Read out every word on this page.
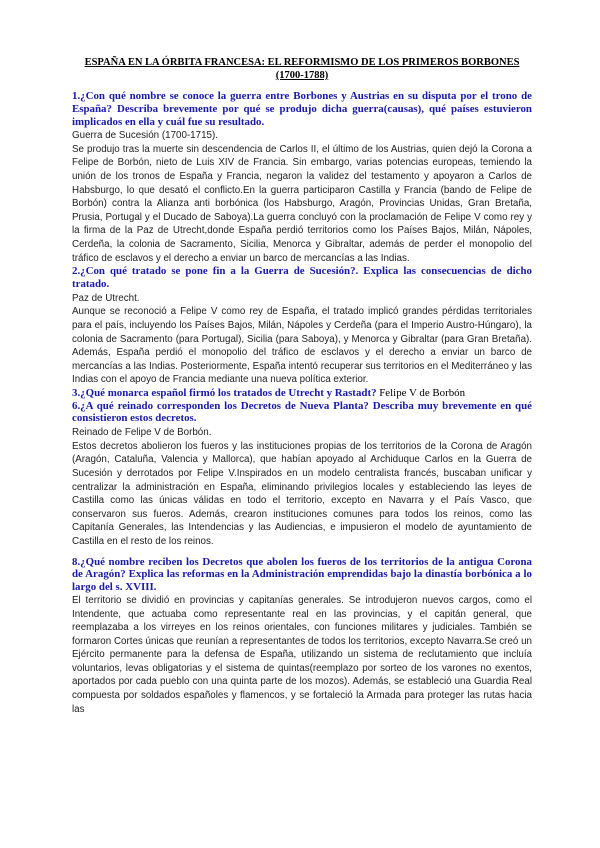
ESPAÑA EN LA ÓRBITA FRANCESA: EL REFORMISMO DE LOS PRIMEROS BORBONES (1700-1788)

1.¿Con qué nombre se conoce la guerra entre Borbones y Austrias en su disputa por el trono de España? Describa brevemente por qué se produjo dicha guerra(causas), qué países estuvieron implicados en ella y cuál fue su resultado.

Guerra de Sucesión (1700-1715).

Se produjo tras la muerte sin descendencia de Carlos II, el último de los Austrias, quien dejó la Corona a Felipe de Borbón, nieto de Luis XIV de Francia. Sin embargo, varias potencias europeas, temiendo la unión de los tronos de España y Francia, negaron la validez del testamento y apoyaron a Carlos de Habsburgo, lo que desató el conflicto.En la guerra participaron Castilla y Francia (bando de Felipe de Borbón) contra la Alianza anti borbónica (los Habsburgo, Aragón, Provincias Unidas, Gran Bretaña, Prusia, Portugal y el Ducado de Saboya).La guerra concluyó con la proclamación de Felipe V como rey y la firma de la Paz de Utrecht,donde España perdió territorios como los Países Bajos, Milán, Nápoles, Cerdeña, la colonia de Sacramento, Sicilia, Menorca y Gibraltar, además de perder el monopolio del tráfico de esclavos y el derecho a enviar un barco de mercancías a las Indias.

2.¿Con qué tratado se pone fin a la Guerra de Sucesión?. Explica las consecuencias de dicho tratado.

Paz de Utrecht.

Aunque se reconoció a Felipe V como rey de España, el tratado implicó grandes pérdidas territoriales para el país, incluyendo los Países Bajos, Milán, Nápoles y Cerdeña (para el Imperio Austro-Húngaro), la colonia de Sacramento (para Portugal), Sicilia (para Saboya), y Menorca y Gibraltar (para Gran Bretaña). Además, España perdió el monopolio del tráfico de esclavos y el derecho a enviar un barco de mercancías a las Indias. Posteriormente, España intentó recuperar sus territorios en el Mediterráneo y las Indias con el apoyo de Francia mediante una nueva política exterior.

3.¿Qué monarca español firmó los tratados de Utrecht y Rastadt? Felipe V de Borbón

6.¿A qué reinado corresponden los Decretos de Nueva Planta? Describa muy brevemente en qué consistieron estos decretos.

Reinado de Felipe V de Borbón.

Estos decretos abolieron los fueros y las instituciones propias de los territorios de la Corona de Aragón (Aragón, Cataluña, Valencia y Mallorca), que habían apoyado al Archiduque Carlos en la Guerra de Sucesión y derrotados por Felipe V.Inspirados en un modelo centralista francés, buscaban unificar y centralizar la administración en España, eliminando privilegios locales y estableciendo las leyes de Castilla como las únicas válidas en todo el territorio, excepto en Navarra y el País Vasco, que conservaron sus fueros. Además, crearon instituciones comunes para todos los reinos, como las Capitanía Generales, las Intendencias y las Audiencias, e impusieron el modelo de ayuntamiento de Castilla en el resto de los reinos.

8.¿Qué nombre reciben los Decretos que abolen los fueros de los territorios de la antigua Corona de Aragón? Explica las reformas en la Administración emprendidas bajo la dinastía borbónica a lo largo del s. XVIII.

El territorio se dividió en provincias y capitanías generales. Se introdujeron nuevos cargos, como el Intendente, que actuaba como representante real en las provincias, y el capitán general, que reemplazaba a los virreyes en los reinos orientales, con funciones militares y judiciales. También se formaron Cortes únicas que reunían a representantes de todos los territorios, excepto Navarra.Se creó un Ejército permanente para la defensa de España, utilizando un sistema de reclutamiento que incluía voluntarios, levas obligatorias y el sistema de quintas(reemplazo por sorteo de los varones no exentos, aportados por cada pueblo con una quinta parte de los mozos). Además, se estableció una Guardia Real compuesta por soldados españoles y flamencos, y se fortaleció la Armada para proteger las rutas hacia las
